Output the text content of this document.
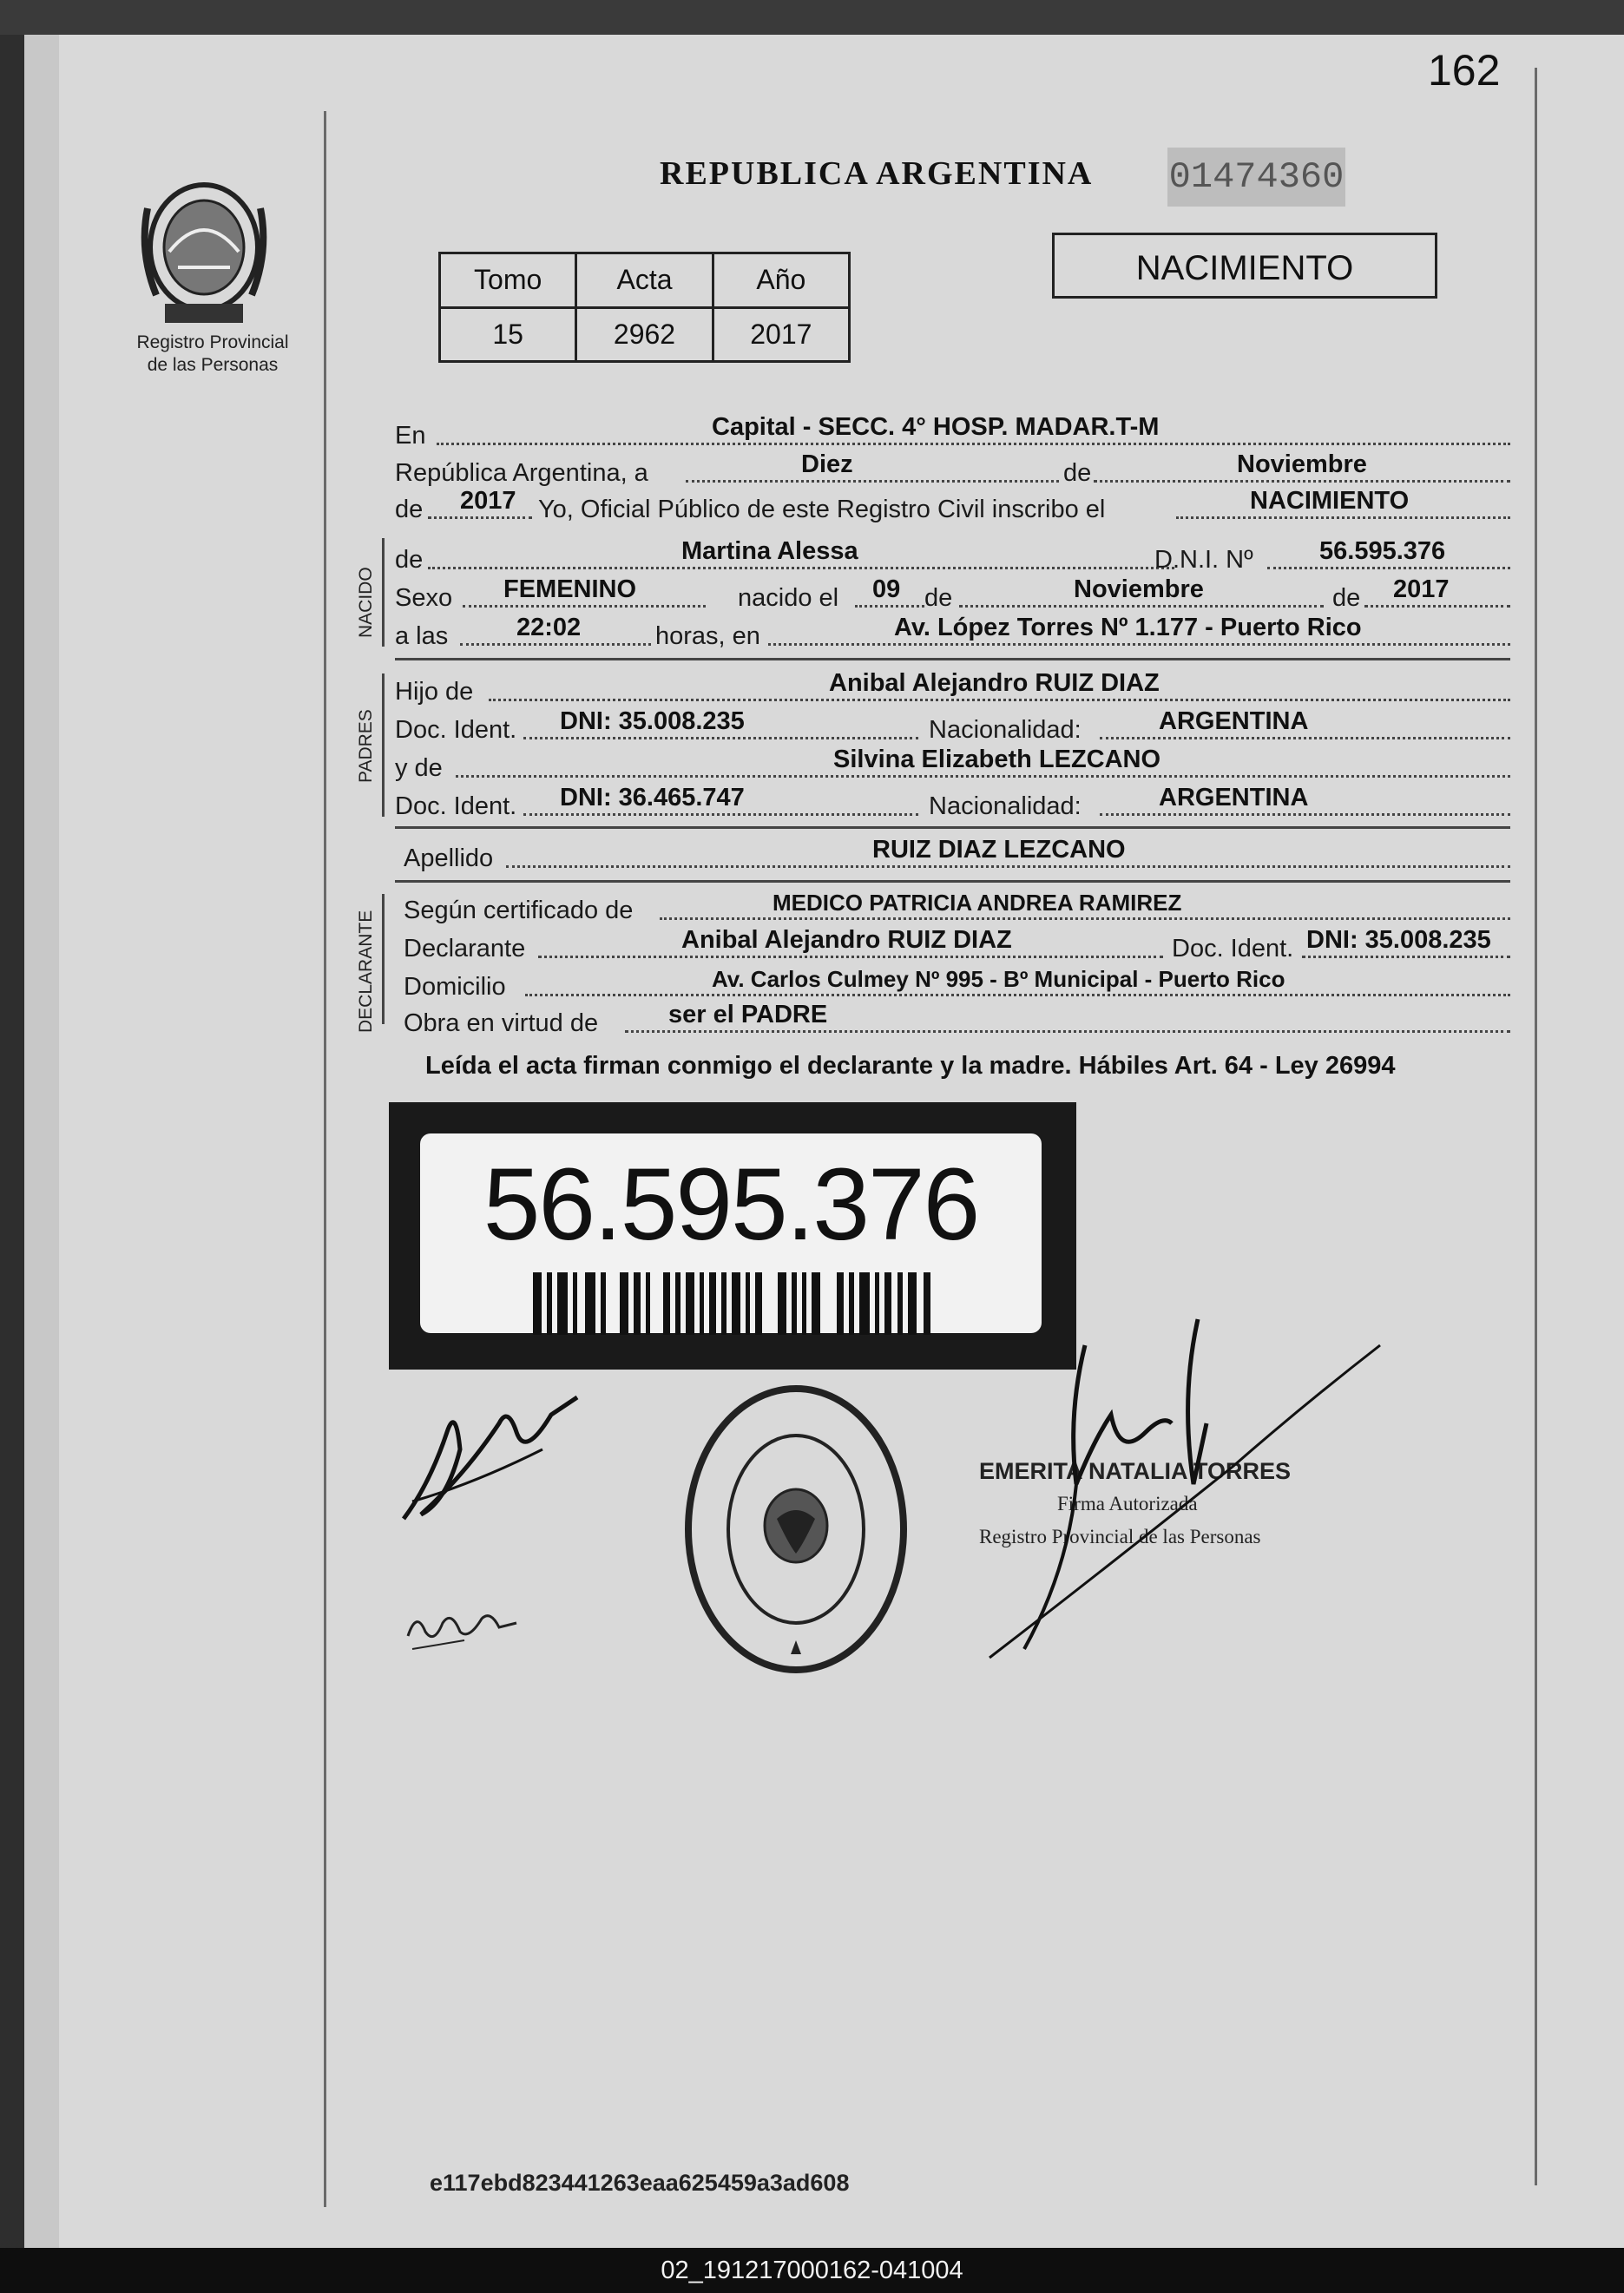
162
REPUBLICA ARGENTINA 01474360
NACIMIENTO
Registro Provincial
de las Personas
Tomo	Acta	Año
15	2962	2017
En	Capital - SECC. 4° HOSP. MADAR.T-M
República Argentina, a	Diez	de	Noviembre
de 2017 Yo, Oficial Público de este Registro Civil inscribo el	NACIMIENTO
NACIDO
de	Martina Alessa	D.N.I. Nº	56.595.376
Sexo FEMENINO	nacido el 09 de	Noviembre	de 2017
a las	22:02	horas, en	Av. López Torres Nº 1.177 - Puerto Rico
PADRES
Hijo de	Anibal Alejandro RUIZ DIAZ
Doc. Ident. DNI: 35.008.235	Nacionalidad:	ARGENTINA
y de	Silvina Elizabeth LEZCANO
Doc. Ident. DNI: 36.465.747	Nacionalidad:	ARGENTINA
Apellido	RUIZ DIAZ LEZCANO
DECLARANTE Según certificado de	MEDICO PATRICIA ANDREA RAMIREZ
Declarante	Anibal Alejandro RUIZ DIAZ	Doc. Ident. DNI: 35.008.235
Domicilio	Av. Carlos Culmey Nº 995 - Bº Municipal - Puerto Rico
Obra en virtud de	ser el PADRE
Leída el acta firman conmigo el declarante y la madre. Hábiles Art. 64 - Ley 26994
56.595.376
EMERITA NATALIA TORRES
Firma Autorizada
Registro Provincial de las Personas
e117ebd823441263eaa625459a3ad608
02_191217000162-041004
